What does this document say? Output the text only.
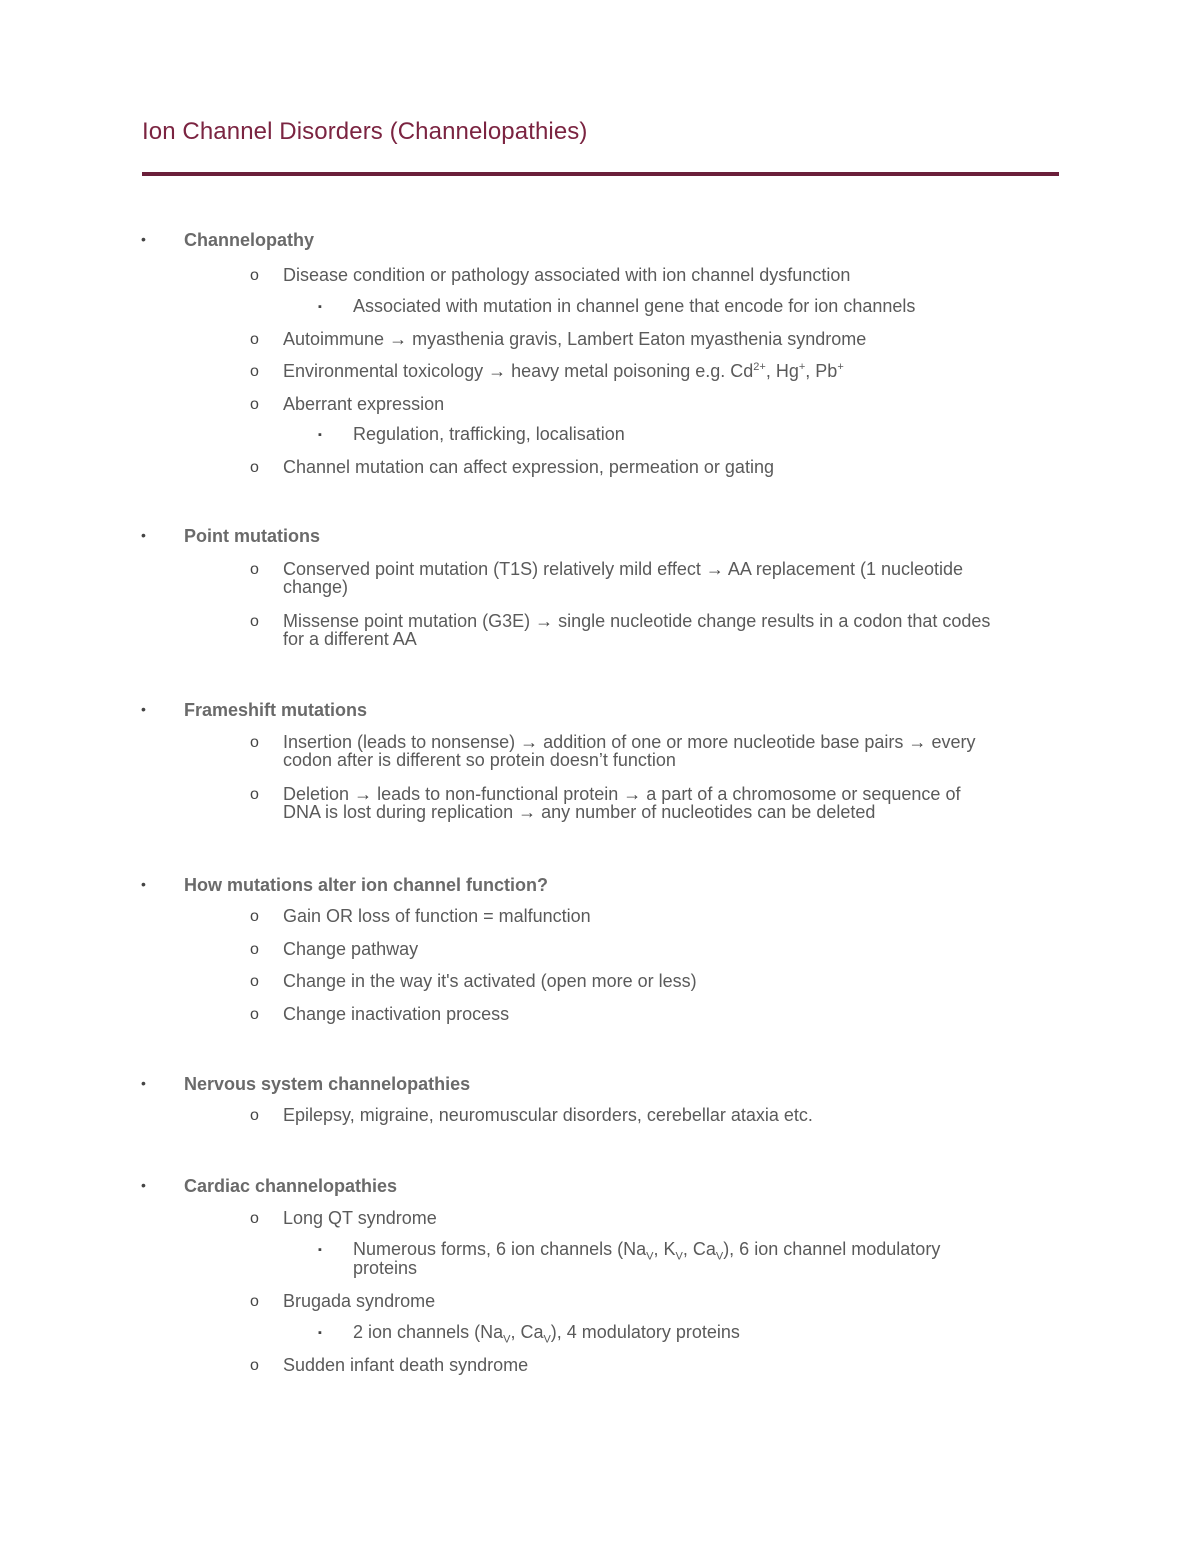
Ion Channel Disorders (Channelopathies)
• Channelopathy
o Disease condition or pathology associated with ion channel dysfunction
▪ Associated with mutation in channel gene that encode for ion channels
o Autoimmune → myasthenia gravis, Lambert Eaton myasthenia syndrome
o Environmental toxicology → heavy metal poisoning e.g. $Cd^{2+}$, Hg+, Pb+
o Aberrant expression
▪ Regulation, trafficking, localisation
o Channel mutation can affect expression, permeation or gating
• Point mutations
o Conserved point mutation (T1S) relatively mild effect → AA replacement (1 nucleotide
change)
o Missense point mutation (G3E) → single nucleotide change results in a codon that codes
for a different AA
• Frameshift mutations
o Insertion (leads to nonsense) → addition of one or more nucleotide base pairs → every
codon after is different so protein doesn’t function
o Deletion → leads to non-functional protein → a part of a chromosome or sequence of
DNA is lost during replication → any number of nucleotides can be deleted
• How mutations alter ion channel function?
o Gain OR loss of function = malfunction
o Change pathway
o Change in the way it's activated (open more or less)
o Change inactivation process
• Nervous system channelopathies
o Epilepsy, migraine, neuromuscular disorders, cerebellar ataxia etc.
• Cardiac channelopathies
o Long QT syndrome
▪ Numerous forms, 6 ion channels ($Na_V$, $K_V$, $Ca_V$), 6 ion channel modulatory
proteins
o Brugada syndrome
▪ 2 ion channels ($Na_V$, $Ca_V$), 4 modulatory proteins
o Sudden infant death syndrome
